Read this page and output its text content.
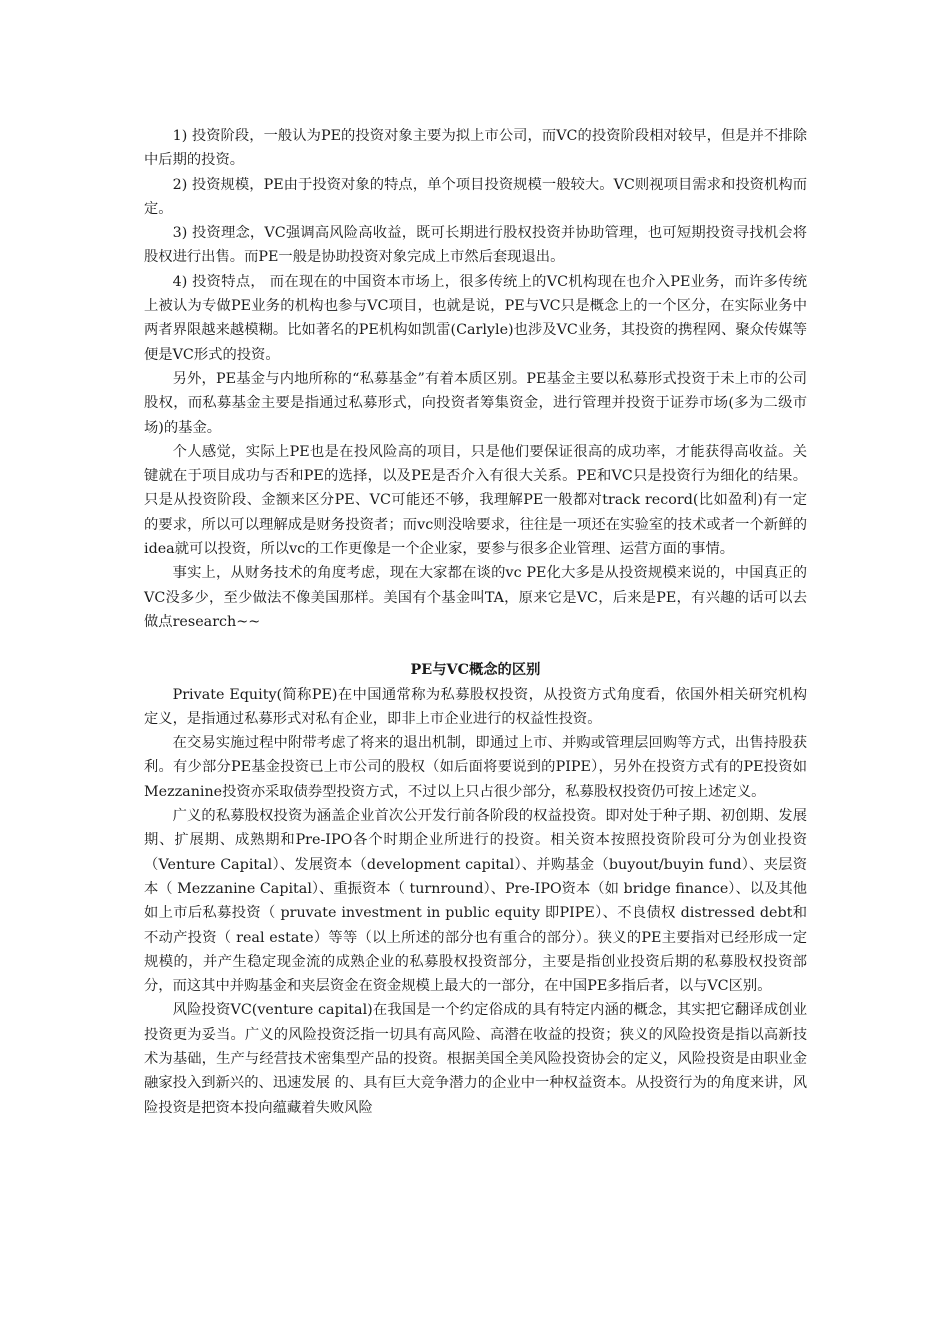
1) 投资阶段，一般认为PE的投资对象主要为拟上市公司，而VC的投资阶段相对较早，但是并不排除中后期的投资。

2) 投资规模，PE由于投资对象的特点，单个项目投资规模一般较大。VC则视项目需求和投资机构而定。

3) 投资理念，VC强调高风险高收益，既可长期进行股权投资并协助管理，也可短期投资寻找机会将股权进行出售。而PE一般是协助投资对象完成上市然后套现退出。

4) 投资特点， 而在现在的中国资本市场上，很多传统上的VC机构现在也介入PE业务，而许多传统上被认为专做PE业务的机构也参与VC项目，也就是说，PE与VC只是概念上的一个区分，在实际业务中两者界限越来越模糊。比如著名的PE机构如凯雷(Carlyle)也涉及VC业务，其投资的携程网、聚众传媒等便是VC形式的投资。

另外，PE基金与内地所称的“私募基金”有着本质区别。PE基金主要以私募形式投资于未上市的公司股权，而私募基金主要是指通过私募形式，向投资者筹集资金，进行管理并投资于证券市场(多为二级市场)的基金。

个人感觉，实际上PE也是在投风险高的项目，只是他们要保证很高的成功率，才能获得高收益。关键就在于项目成功与否和PE的选择，以及PE是否介入有很大关系。PE和VC只是投资行为细化的结果。只是从投资阶段、金额来区分PE、VC可能还不够，我理解PE一般都对track record(比如盈利)有一定的要求，所以可以理解成是财务投资者；而vc则没啥要求，往往是一项还在实验室的技术或者一个新鲜的idea就可以投资，所以vc的工作更像是一个企业家，要参与很多企业管理、运营方面的事情。

事实上，从财务技术的角度考虑，现在大家都在谈的vc PE化大多是从投资规模来说的，中国真正的VC没多少，至少做法不像美国那样。美国有个基金叫TA，原来它是VC，后来是PE，有兴趣的话可以去做点research~~

PE与VC概念的区别

Private Equity(简称PE)在中国通常称为私募股权投资，从投资方式角度看，依国外相关研究机构定义，是指通过私募形式对私有企业，即非上市企业进行的权益性投资。

在交易实施过程中附带考虑了将来的退出机制，即通过上市、并购或管理层回购等方式，出售持股获利。有少部分PE基金投资已上市公司的股权（如后面将要说到的PIPE），另外在投资方式有的PE投资如Mezzanine投资亦采取债券型投资方式，不过以上只占很少部分，私募股权投资仍可按上述定义。

广义的私募股权投资为涵盖企业首次公开发行前各阶段的权益投资。即对处于种子期、初创期、发展期、扩展期、成熟期和Pre-IPO各个时期企业所进行的投资。相关资本按照投资阶段可分为创业投资（Venture Capital）、发展资本（development capital）、并购基金（buyout/buyin fund）、夹层资本（ Mezzanine Capital）、重振资本（ turnround）、Pre-IPO资本（如 bridge finance）、以及其他如上市后私募投资（ pruvate investment in public equity 即PIPE）、不良债权 distressed debt和不动产投资（ real estate）等等（以上所述的部分也有重合的部分）。狭义的PE主要指对已经形成一定规模的，并产生稳定现金流的成熟企业的私募股权投资部分，主要是指创业投资后期的私募股权投资部分，而这其中并购基金和夹层资金在资金规模上最大的一部分，在中国PE多指后者，以与VC区别。

风险投资VC(venture capital)在我国是一个约定俗成的具有特定内涵的概念，其实把它翻译成创业投资更为妥当。广义的风险投资泛指一切具有高风险、高潜在收益的投资；狭义的风险投资是指以高新技术为基础，生产与经营技术密集型产品的投资。根据美国全美风险投资协会的定义，风险投资是由职业金融家投入到新兴的、迅速发展 的、具有巨大竞争潜力的企业中一种权益资本。从投资行为的角度来讲，风险投资是把资本投向蕴藏着失败风险
